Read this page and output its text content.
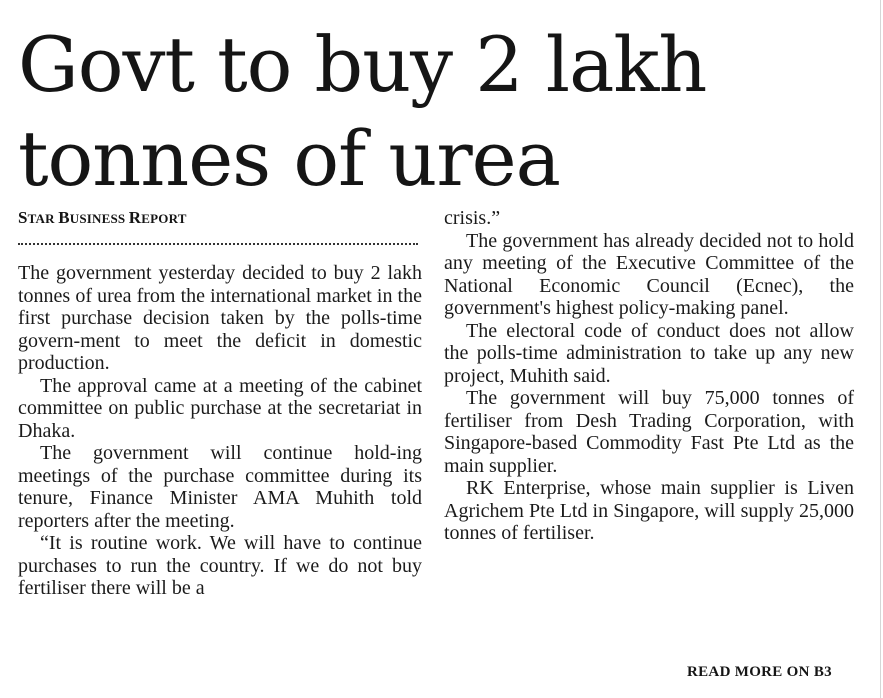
Govt to buy 2 lakh
tonnes of urea
STAR BUSINESS REPORT

The government yesterday decided to buy 2 lakh tonnes of urea from the international market in the first purchase decision taken by the polls-time govern-ment to meet the deficit in domestic production.

The approval came at a meeting of the cabinet committee on public purchase at the secretariat in Dhaka.

The government will continue hold-ing meetings of the purchase committee during its tenure, Finance Minister AMA Muhith told reporters after the meeting.

“It is routine work. We will have to continue purchases to run the country. If we do not buy fertiliser there will be a

crisis.”

The government has already decided not to hold any meeting of the Executive Committee of the National Economic Council (Ecnec), the government's highest policy-making panel.

The electoral code of conduct does not allow the polls-time administration to take up any new project, Muhith said.

The government will buy 75,000 tonnes of fertiliser from Desh Trading Corporation, with Singapore-based Commodity Fast Pte Ltd as the main supplier.

RK Enterprise, whose main supplier is Liven Agrichem Pte Ltd in Singapore, will supply 25,000 tonnes of fertiliser.

READ MORE ON B3
